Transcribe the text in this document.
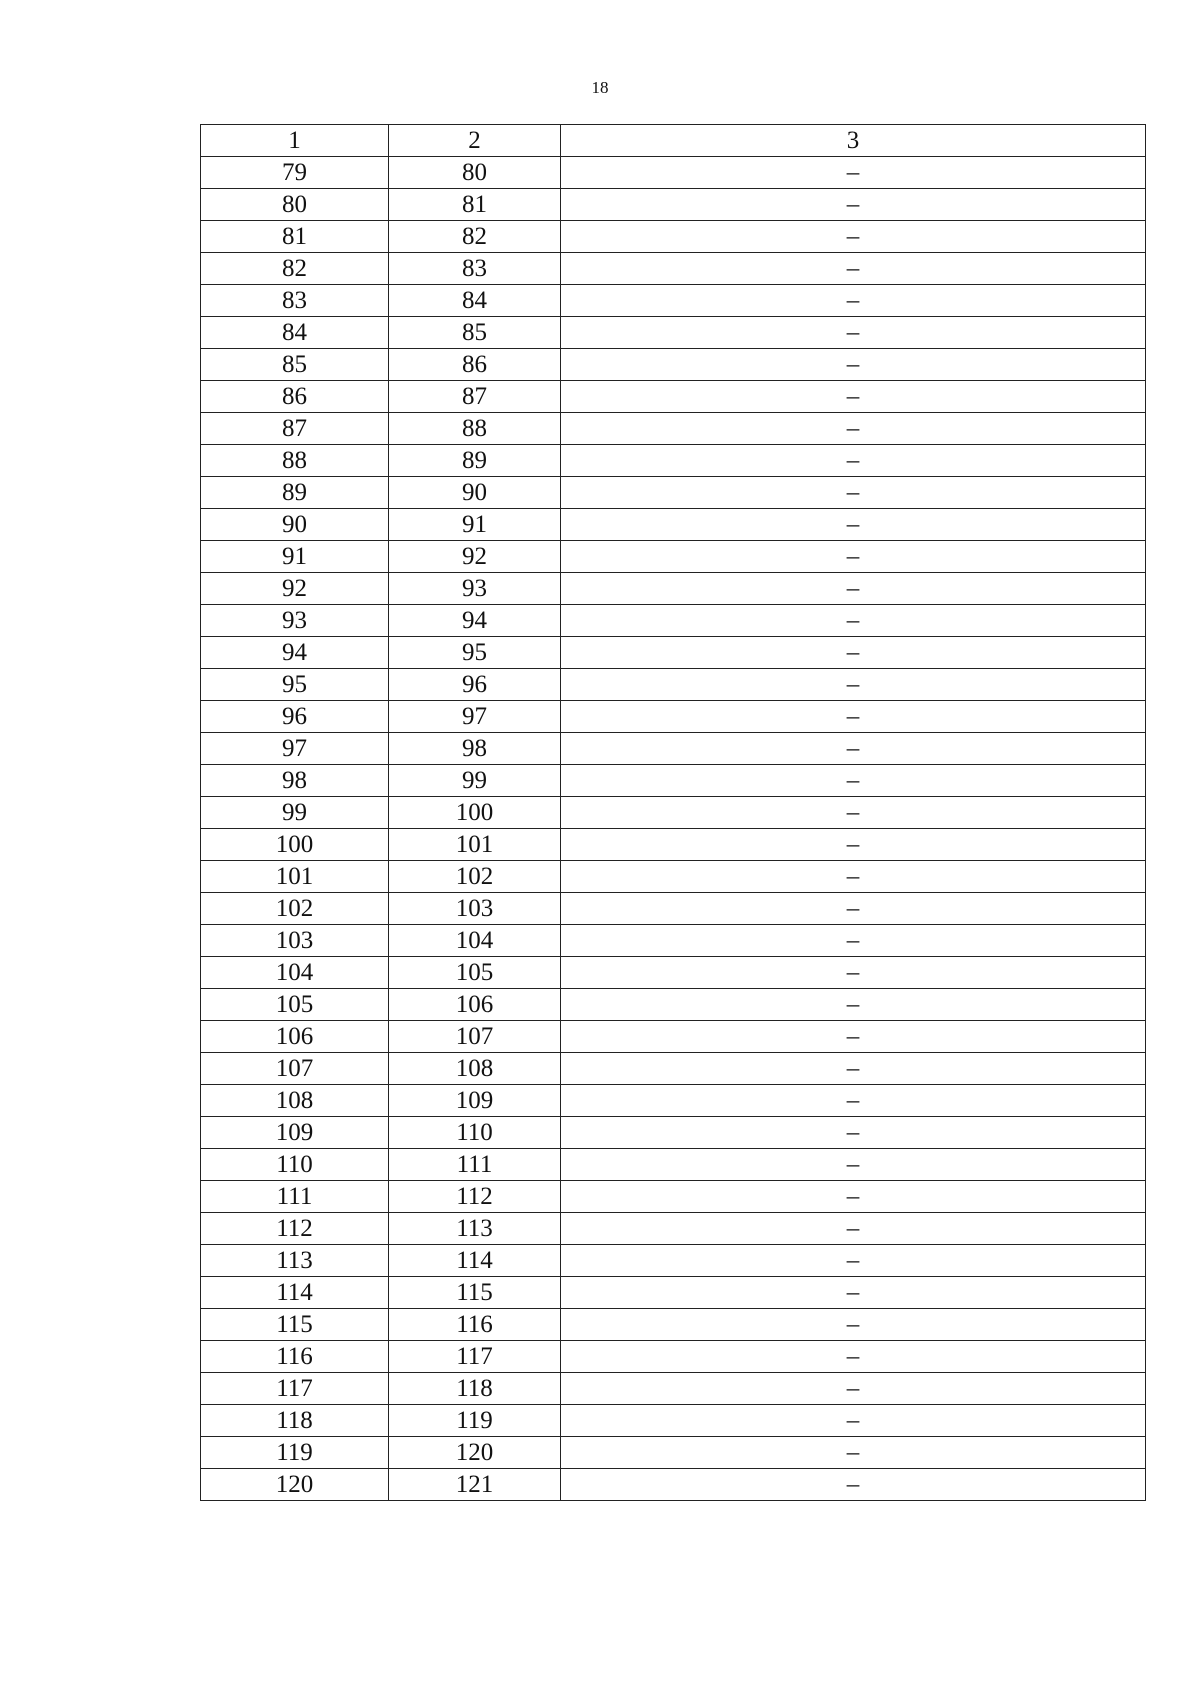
18
1	2	3
79	80	–
80	81	–
81	82	–
82	83	–
83	84	–
84	85	–
85	86	–
86	87	–
87	88	–
88	89	–
89	90	–
90	91	–
91	92	–
92	93	–
93	94	–
94	95	–
95	96	–
96	97	–
97	98	–
98	99	–
99	100	–
100	101	–
101	102	–
102	103	–
103	104	–
104	105	–
105	106	–
106	107	–
107	108	–
108	109	–
109	110	–
110	111	–
111	112	–
112	113	–
113	114	–
114	115	–
115	116	–
116	117	–
117	118	–
118	119	–
119	120	–
120	121	–
